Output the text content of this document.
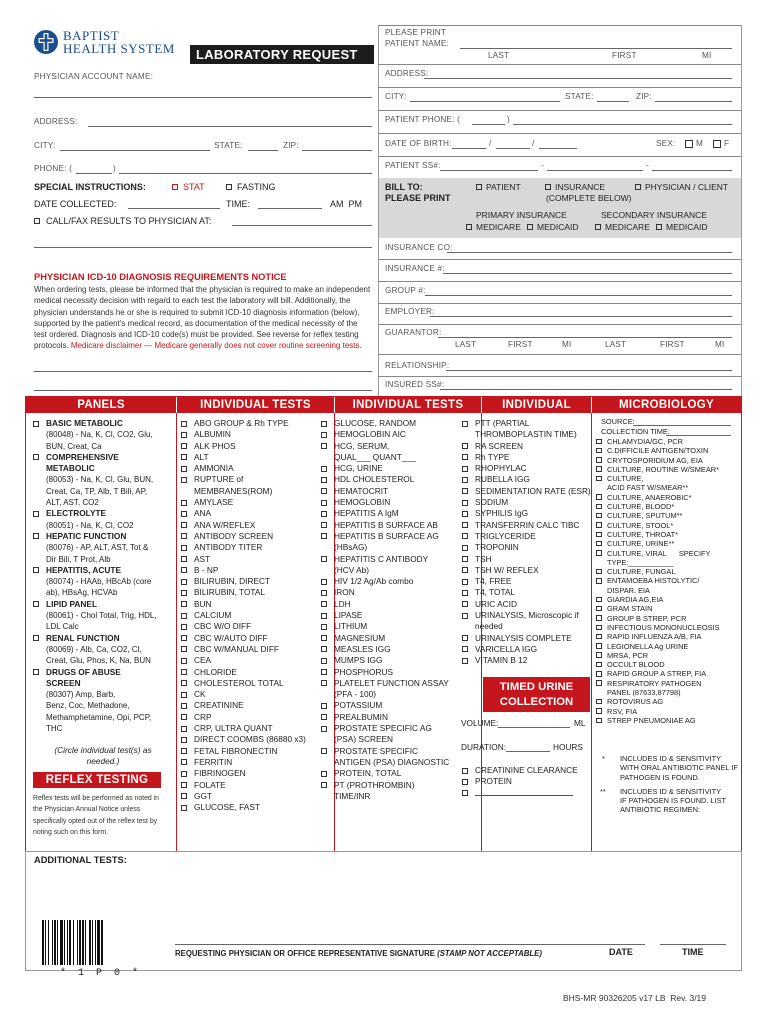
BAPTIST
HEALTH SYSTEM LABORATORY REQUEST
PLEASE PRINT
PATIENT NAME:
LAST	FIRST	MI
ADDRESS:
CITY:	STATE:	ZIP:
PATIENT PHONE: (	)
DATE OF BIRTH:	/	/	SEX:	M	F
PATIENT SS#:	-	-
PHYSICIAN ACCOUNT NAME:
ADDRESS:
CITY:	STATE:	ZIP:
PHONE: (	)
SPECIAL INSTRUCTIONS:	STAT	FASTING
DATE COLLECTED:	TIME:	AM  PM
CALL/FAX RESULTS TO PHYSICIAN AT:
BILL TO:
PLEASE PRINT
PATIENT	INSURANCE
(COMPLETE BELOW)
PHYSICIAN / CLIENT
PRIMARY INSURANCE
MEDICARE MEDICAID
SECONDARY INSURANCE
MEDICARE MEDICAID
INSURANCE CO:
INSURANCE #:
GROUP #:
EMPLOYER:
GUARANTOR:
LAST	FIRST	MI	LAST	FIRST	MI
RELATIONSHIP:
INSURED SS#:
PHYSICIAN ICD-10 DIAGNOSIS REQUIREMENTS NOTICE
When ordering tests, please be informed that the physician is required to make an independent
medical necessity decision with regard to each test the laboratory will bill. Additionally, the
physician understands he or she is required to submit ICD-10 diagnosis information (below),
supported by the patient's medical record, as documentation of the medical necessity of the
test ordered. Diagnosis and ICD-10 code(s) must be provided. See reverse for reflex testing
protocols. Medicare disclaimer — Medicare generally does not cover routine screening tests.
PANELS	INDIVIDUAL TESTS	INDIVIDUAL TESTS	INDIVIDUAL TESTS
MICROBIOLOGY
BASIC METABOLIC
(80048) - Na, K, Cl, CO2, Glu,
BUN, Creat, Ca
COMPREHENSIVE
METABOLIC
(80053) - Na, K, Cl, Glu, BUN,
Creat, Ca, TP, Alb, T Bili, AP,
ALT, AST, CO2
ELECTROLYTE
(80051) - Na, K, Cl, CO2
HEPATIC FUNCTION
(80076) - AP, ALT, AST, Tot &
Dir Bili, T Prot, Alb
HEPATITIS, ACUTE
(80074) - HAAb, HBcAb (core
ab), HBsAg, HCVAb
LIPID PANEL
(80061) - Chol Total, Trig, HDL,
LDL Calc
RENAL FUNCTION
(80069) - Alb, Ca, CO2, Cl,
Creat, Glu, Phos, K, Na, BUN
DRUGS OF ABUSE
SCREEN
(80307) Amp, Barb,
Benz, Coc, Methadone,
Methamphetamine, Opi, PCP,
THC
(Circle individual test(s) as
needed.)
REFLEX TESTING
Reflex tests will be performed as noted in
the Physician Annual Notice unless
specifically opted out of the reflex test by
noting such on this form.
ABO GROUP & Rh TYPE
ALBUMIN
ALK PHOS
ALT
AMMONIA
RUPTURE of
MEMBRANES(ROM)
AMYLASE
ANA
ANA W/REFLEX
ANTIBODY SCREEN
ANTIBODY TITER
AST
B - NP
BILIRUBIN, DIRECT
BILIRUBIN, TOTAL
BUN
CALCIUM
CBC W/O DIFF
CBC W/AUTO DIFF
CBC W/MANUAL DIFF
CEA
CHLORIDE
CHOLESTEROL TOTAL
CK
CREATININE
CRP
CRP, ULTRA QUANT
DIRECT COOMBS (86880 x3)
FETAL FIBRONECTIN
FERRITIN
FIBRINOGEN
FOLATE
GGT
GLUCOSE, FAST
GLUCOSE, RANDOM
HEMOGLOBIN AIC
HCG, SERUM,
QUAL___ QUANT___
HCG, URINE
HDL CHOLESTEROL
HEMATOCRIT
HEMOGLOBIN
HEPATITIS A IgM
HEPATITIS B SURFACE AB
HEPATITIS B SURFACE AG
(HBsAG)
HEPATITIS C ANTIBODY
(HCV Ab)
HIV 1/2 Ag/Ab combo
IRON
LDH
LIPASE
LITHIUM
MAGNESIUM
MEASLES IGG
MUMPS IGG
PHOSPHORUS
PLATELET FUNCTION ASSAY
(PFA - 100)
POTASSIUM
PREALBUMIN
PROSTATE SPECIFIC AG
(PSA) SCREEN
PROSTATE SPECIFIC
ANTIGEN (PSA) DIAGNOSTIC
PROTEIN, TOTAL
PT (PROTHROMBIN)
TIME/INR
PTT (PARTIAL
THROMBOPLASTIN TIME)
RA SCREEN
Rh TYPE
RHOPHYLAC
RUBELLA IGG
SEDIMENTATION RATE (ESR)
SODIUM
SYPHILIS IgG
TRANSFERRIN CALC TIBC
TRIGLYCERIDE
TROPONIN
TSH
TSH W/ REFLEX
T4, FREE
T4, TOTAL
URIC ACID
URINALYSIS, Microscopic if
needed
URINALYSIS COMPLETE
VARICELLA IGG
VITAMIN B 12
TIMED URINE
COLLECTION
VOLUME:	ML
DURATION:	HOURS
CREATININE CLEARANCE
PROTEIN
SOURCE:
COLLECTION TIME:
CHLAMYDIA/GC, PCR
C.DIFFICILE ANTIGEN/TOXIN
CRYTOSPORIDIUM AG, EIA
CULTURE, ROUTINE W/SMEAR*
CULTURE,
ACID FAST W/SMEAR**
CULTURE, ANAEROBIC*
CULTURE, BLOOD*
CULTURE, SPUTUM**
CULTURE, STOOL*
CULTURE, THROAT*
CULTURE, URINE**
CULTURE, VIRAL      SPECIFY
TYPE:___________
CULTURE, FUNGAL
ENTAMOEBA HISTOLYTIC/
DISPAR, EIA
GIARDIA AG,EIA
GRAM STAIN
GROUP B STREP, PCR
INFECTIOUS MONONUCLEOSIS
RAPID INFLUENZA A/B, FIA
LEGIONELLA Ag URINE
MRSA, PCR
OCCULT BLOOD
RAPID GROUP A STREP, FIA
RESPIRATORY PATHOGEN
PANEL (87633,87798)
ROTOVIRUS AG
RSV, FIA
STREP PNEUMONIAE AG
* INCLUDES ID & SENSITIVITY
WITH ORAL ANTIBIOTIC PANEL IF
PATHOGEN IS FOUND.
** INCLUDES ID & SENSITIVITY
IF PATHOGEN IS FOUND. LIST
ANTIBIOTIC REGIMEN:
ADDITIONAL TESTS:
* 1 P 0 *
REQUESTING PHYSICIAN OR OFFICE REPRESENTATIVE SIGNATURE (STAMP NOT ACCEPTABLE)	DATE	TIME
BHS-MR 90326205 v17 LB  Rev. 3/19
